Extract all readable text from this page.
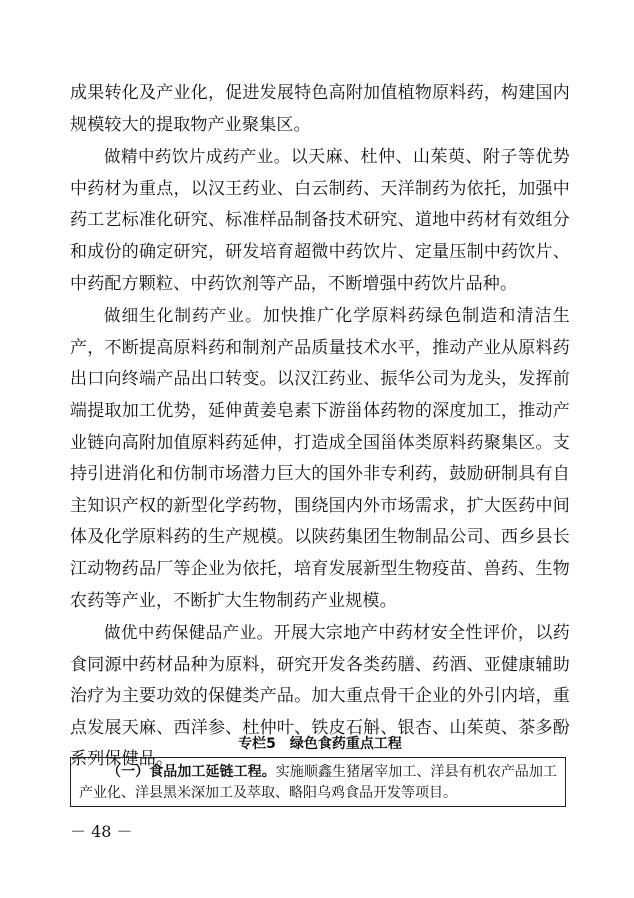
成果转化及产业化，促进发展特色高附加值植物原料药，构建国内规模较大的提取物产业聚集区。

做精中药饮片成药产业。以天麻、杜仲、山茱萸、附子等优势中药材为重点，以汉王药业、白云制药、天洋制药为依托，加强中药工艺标准化研究、标准样品制备技术研究、道地中药材有效组分和成份的确定研究，研发培育超微中药饮片、定量压制中药饮片、中药配方颗粒、中药饮剂等产品，不断增强中药饮片品种。

做细生化制药产业。加快推广化学原料药绿色制造和清洁生产，不断提高原料药和制剂产品质量技术水平，推动产业从原料药出口向终端产品出口转变。以汉江药业、振华公司为龙头，发挥前端提取加工优势，延伸黄姜皂素下游甾体药物的深度加工，推动产业链向高附加值原料药延伸，打造成全国甾体类原料药聚集区。支持引进消化和仿制市场潜力巨大的国外非专利药，鼓励研制具有自主知识产权的新型化学药物，围绕国内外市场需求，扩大医药中间体及化学原料药的生产规模。以陕药集团生物制品公司、西乡县长江动物药品厂等企业为依托，培育发展新型生物疫苗、兽药、生物农药等产业，不断扩大生物制药产业规模。

做优中药保健品产业。开展大宗地产中药材安全性评价，以药食同源中药材品种为原料，研究开发各类药膳、药酒、亚健康辅助治疗为主要功效的保健类产品。加大重点骨干企业的外引内培，重点发展天麻、西洋参、杜仲叶、铁皮石斛、银杏、山茱萸、茶多酚系列保健品。

专栏5　绿色食药重点工程

（一）食品加工延链工程。实施顺鑫生猪屠宰加工、洋县有机农产品加工产业化、洋县黑米深加工及萃取、略阳乌鸡食品开发等项目。

－ 48 －
